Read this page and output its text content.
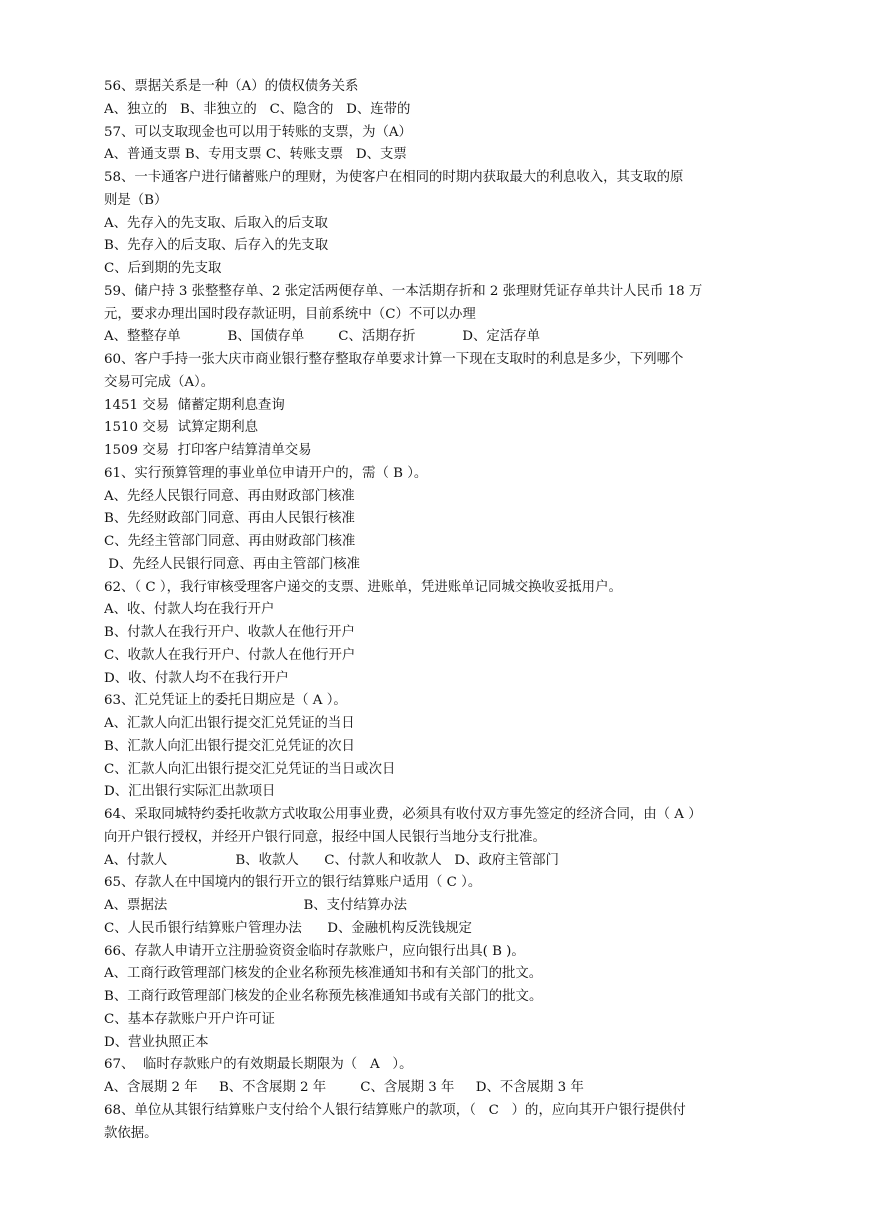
56、票据关系是一种（A）的债权债务关系
A、独立的   B、非独立的   C、隐含的   D、连带的
57、可以支取现金也可以用于转账的支票，为（A）
A、普通支票 B、专用支票 C、转账支票   D、支票
58、一卡通客户进行储蓄账户的理财，为使客户在相同的时期内获取最大的利息收入，其支取的原
则是（B）
A、先存入的先支取、后取入的后支取
B、先存入的后支取、后存入的先支取
C、后到期的先支取
59、储户持 3 张整整存单、2 张定活两便存单、一本活期存折和 2 张理财凭证存单共计人民币 18 万
元，要求办理出国时段存款证明，目前系统中（C）不可以办理
A、整整存单           B、国债存单        C、活期存折           D、定活存单
60、客户手持一张大庆市商业银行整存整取存单要求计算一下现在支取时的利息是多少，下列哪个
交易可完成（A）。
1451 交易  储蓄定期利息查询
1510 交易  试算定期利息
1509 交易  打印客户结算清单交易
61、实行预算管理的事业单位申请开户的，需（ B ）。
A、先经人民银行同意、再由财政部门核准
B、先经财政部门同意、再由人民银行核准
C、先经主管部门同意、再由财政部门核准
D、先经人民银行同意、再由主管部门核准
62、（ C ），我行审核受理客户递交的支票、进账单，凭进账单记同城交换收妥抵用户。
A、收、付款人均在我行开户
B、付款人在我行开户、收款人在他行开户
C、收款人在我行开户、付款人在他行开户
D、收、付款人均不在我行开户
63、汇兑凭证上的委托日期应是（ A ）。
A、汇款人向汇出银行提交汇兑凭证的当日
B、汇款人向汇出银行提交汇兑凭证的次日
C、汇款人向汇出银行提交汇兑凭证的当日或次日
D、汇出银行实际汇出款项日
64、采取同城特约委托收款方式收取公用事业费，必须具有收付双方事先签定的经济合同，由（ A ）
向开户银行授权，并经开户银行同意，报经中国人民银行当地分支行批准。
A、付款人                B、收款人      C、付款人和收款人   D、政府主管部门
65、存款人在中国境内的银行开立的银行结算账户适用（ C ）。
A、票据法                                B、支付结算办法
C、人民币银行结算账户管理办法      D、金融机构反洗钱规定
66、存款人申请开立注册验资资金临时存款账户，应向银行出具( B )。
A、工商行政管理部门核发的企业名称预先核准通知书和有关部门的批文。
B、工商行政管理部门核发的企业名称预先核准通知书或有关部门的批文。
C、基本存款账户开户许可证
D、营业执照正本
67、  临时存款账户的有效期最长期限为（   A   ）。
A、含展期 2 年     B、不含展期 2 年        C、含展期 3 年     D、不含展期 3 年
68、单位从其银行结算账户支付给个人银行结算账户的款项，（   C   ）的，应向其开户银行提供付
款依据。
